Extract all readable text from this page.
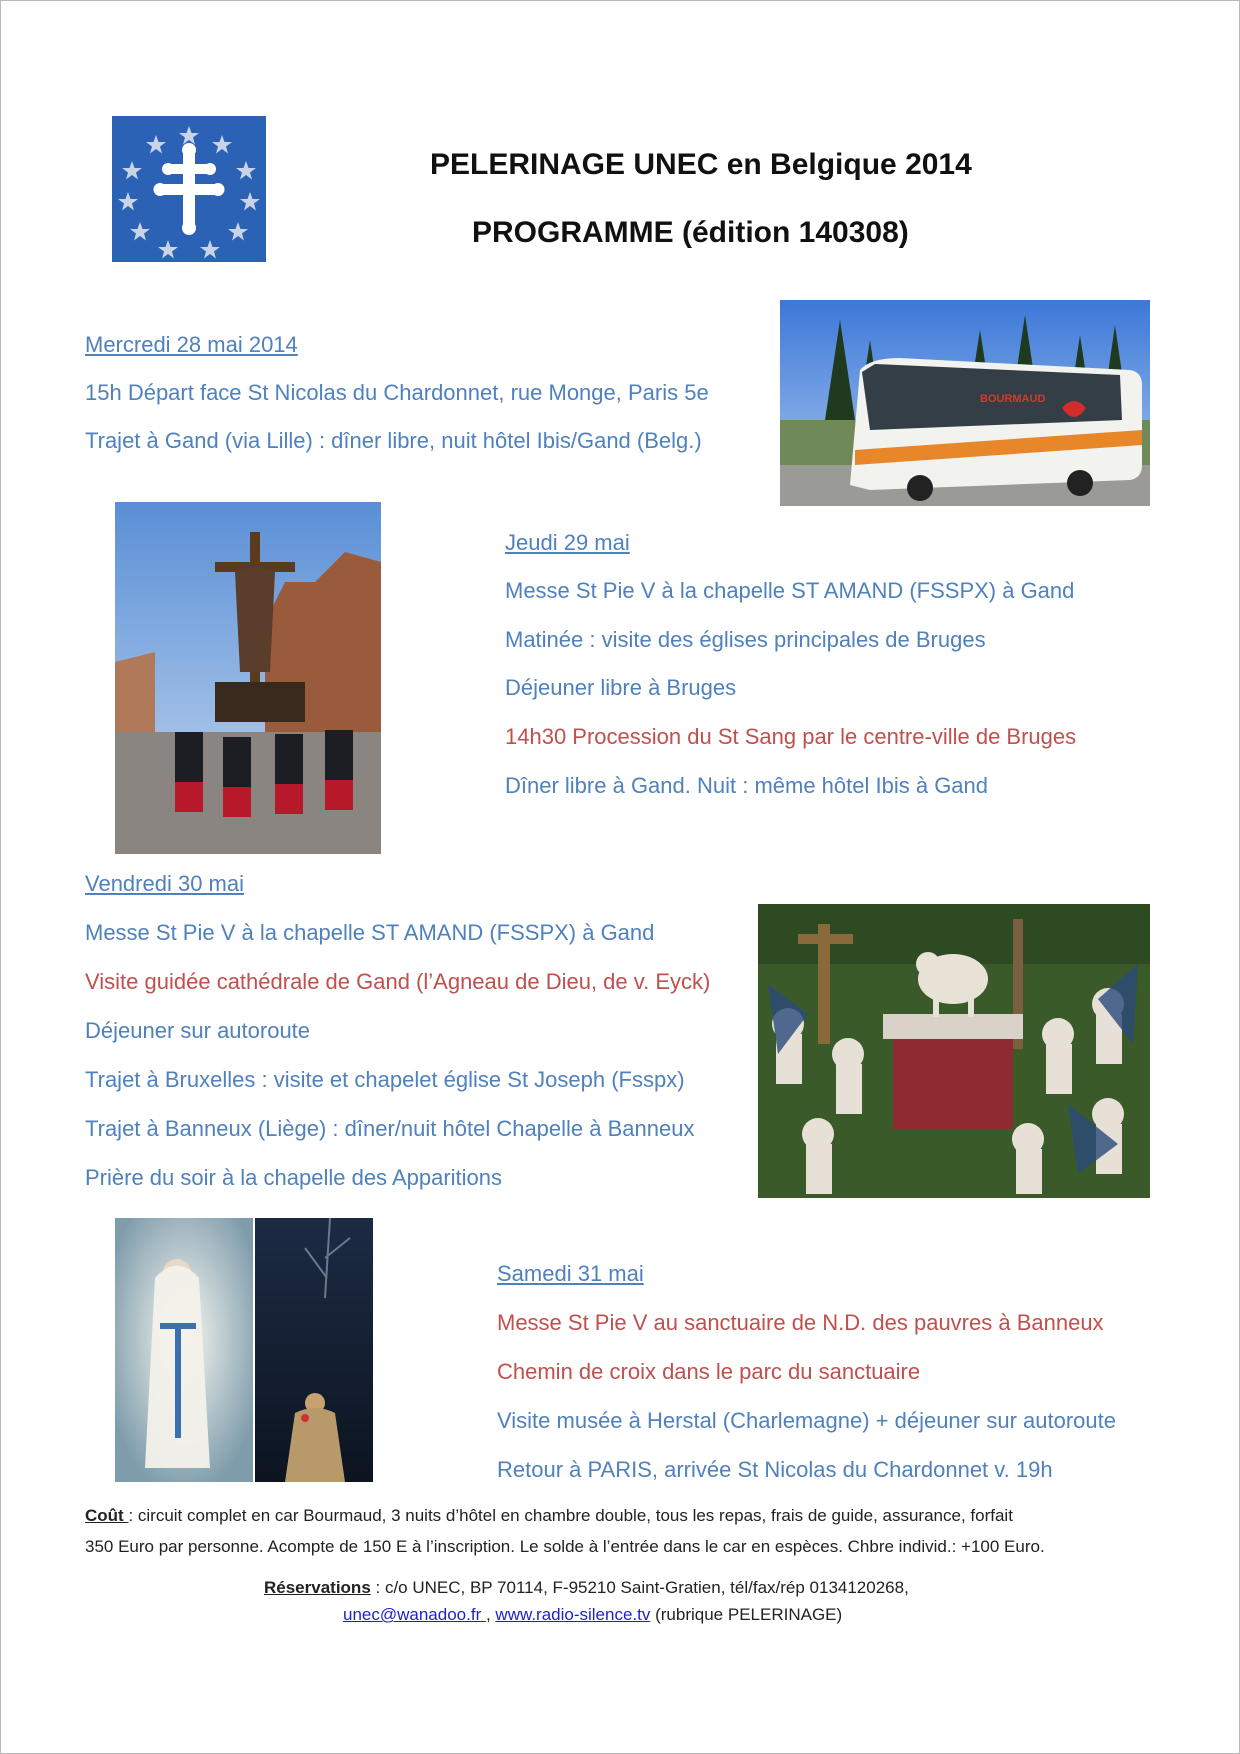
PELERINAGE UNEC en Belgique 2014
PROGRAMME (édition 140308)
BOURMAUD
Mercredi 28 mai 2014
15h Départ face St Nicolas du Chardonnet, rue Monge, Paris 5e
Trajet à Gand (via Lille) : dîner libre, nuit hôtel Ibis/Gand (Belg.)
Jeudi 29 mai
Messe St Pie V à la chapelle ST AMAND (FSSPX) à Gand
Matinée : visite des églises principales de Bruges
Déjeuner libre à Bruges
14h30 Procession du St Sang par le centre-ville de Bruges
Dîner libre à Gand. Nuit : même hôtel Ibis à Gand
Vendredi 30 mai
Messe St Pie V à la chapelle ST AMAND (FSSPX) à Gand
Visite guidée cathédrale de Gand (l’Agneau de Dieu, de v. Eyck)
Déjeuner sur autoroute
Trajet à Bruxelles : visite et chapelet église St Joseph (Fsspx)
Trajet à Banneux (Liège) : dîner/nuit hôtel Chapelle à Banneux
Prière du soir à la chapelle des Apparitions
Samedi 31 mai
Messe St Pie V au sanctuaire de N.D. des pauvres à Banneux
Chemin de croix dans le parc du sanctuaire
Visite musée à Herstal (Charlemagne) + déjeuner sur autoroute
Retour à PARIS, arrivée St Nicolas du Chardonnet v. 19h
Coût : circuit complet en car Bourmaud, 3 nuits d’hôtel en chambre double, tous les repas, frais de guide, assurance, forfait
350 Euro par personne. Acompte de 150 E à l’inscription. Le solde à l’entrée dans le car en espèces. Chbre individ.: +100 Euro.
Réservations : c/o UNEC, BP 70114, F-95210 Saint-Gratien, tél/fax/rép 0134120268,
unec@wanadoo.fr , www.radio-silence.tv (rubrique PELERINAGE)
